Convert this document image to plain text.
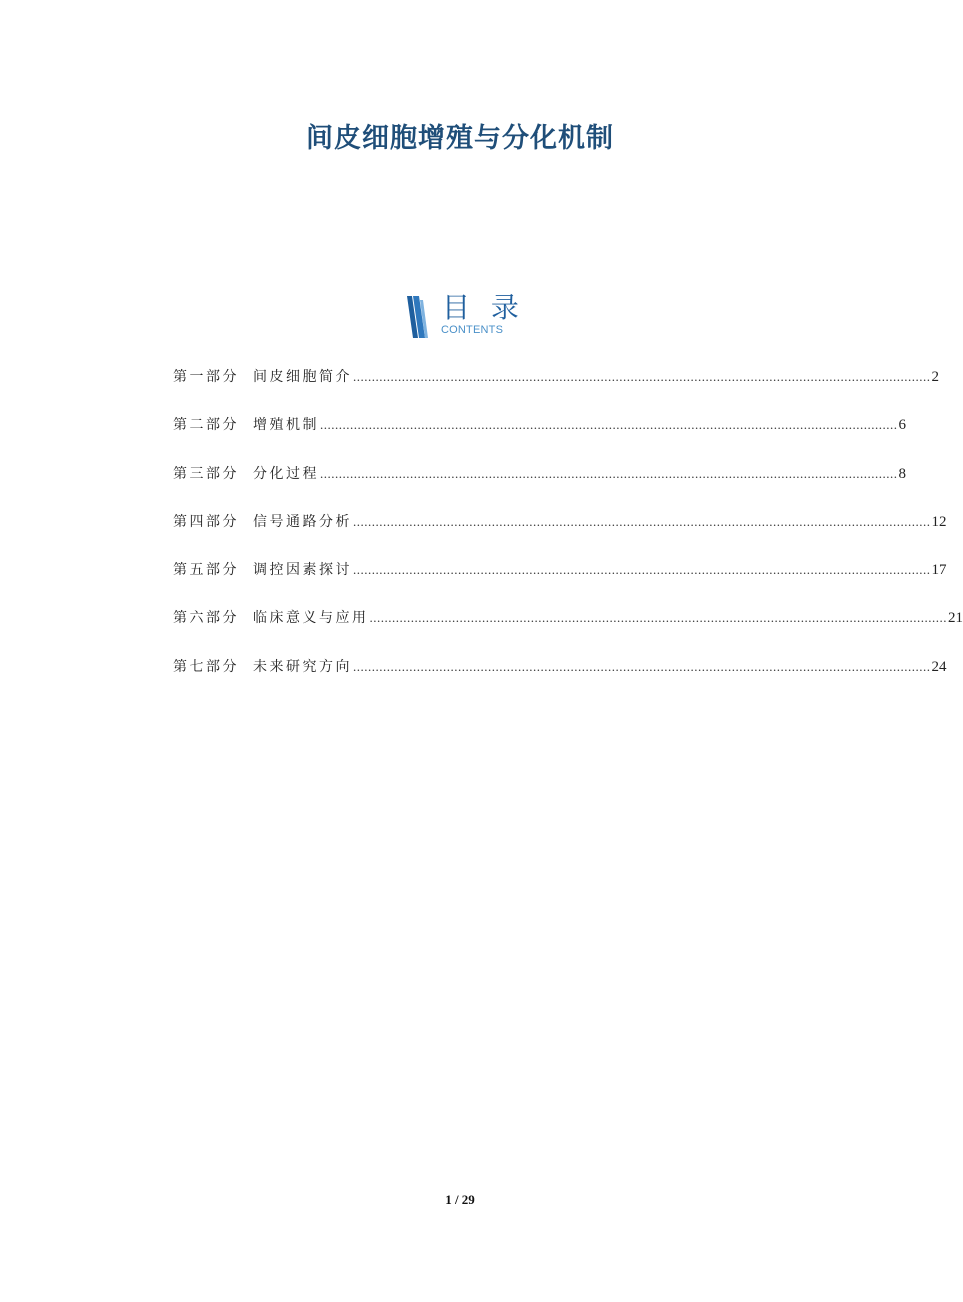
间皮细胞增殖与分化机制
目 录
CONTENTS
第一部分 间皮细胞简介 .......................................................................................................................................................... 2
第二部分 增殖机制 .......................................................................................................................................................... 6
第三部分 分化过程 .......................................................................................................................................................... 8
第四部分 信号通路分析 .......................................................................................................................................................... 12
第五部分 调控因素探讨 .......................................................................................................................................................... 17
第六部分 临床意义与应用 .......................................................................................................................................................... 21
第七部分 未来研究方向 .......................................................................................................................................................... 24
1 / 29
